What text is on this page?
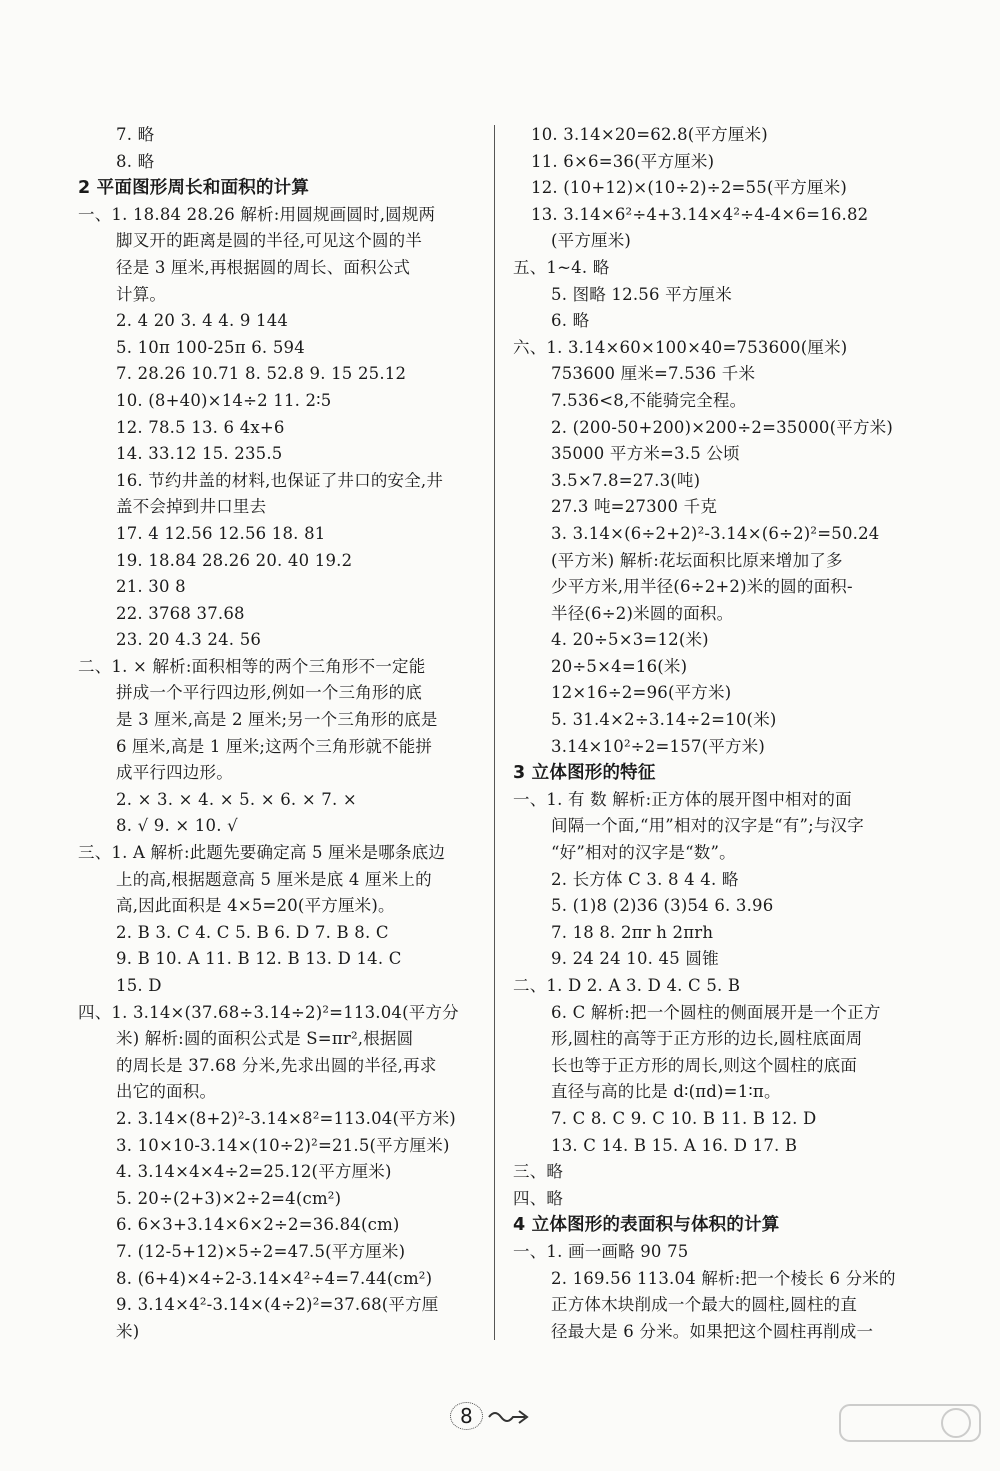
7. 略
8. 略
2 平面图形周长和面积的计算
一、1. 18.84 28.26 解析:用圆规画圆时,圆规两
脚叉开的距离是圆的半径,可见这个圆的半
径是 3 厘米,再根据圆的周长、面积公式
计算。
2. 4 20 3. 4 4. 9 144
5. 10π 100-25π 6. 594
7. 28.26 10.71 8. 52.8 9. 15 25.12
10. (8+40)×14÷2 11. 2∶5
12. 78.5 13. 6 4x+6
14. 33.12 15. 235.5
16. 节约井盖的材料,也保证了井口的安全,井
盖不会掉到井口里去
17. 4 12.56 12.56 18. 81
19. 18.84 28.26 20. 40 19.2
21. 30 8
22. 3768 37.68
23. 20 4.3 24. 56
二、1. × 解析:面积相等的两个三角形不一定能
拼成一个平行四边形,例如一个三角形的底
是 3 厘米,高是 2 厘米;另一个三角形的底是
6 厘米,高是 1 厘米;这两个三角形就不能拼
成平行四边形。
2. × 3. × 4. × 5. × 6. × 7. ×
8. √ 9. × 10. √
三、1. A 解析:此题先要确定高 5 厘米是哪条底边
上的高,根据题意高 5 厘米是底 4 厘米上的
高,因此面积是 4×5=20(平方厘米)。
2. B 3. C 4. C 5. B 6. D 7. B 8. C
9. B 10. A 11. B 12. B 13. D 14. C
15. D
四、1. 3.14×(37.68÷3.14÷2)²=113.04(平方分
米) 解析:圆的面积公式是 S=πr²,根据圆
的周长是 37.68 分米,先求出圆的半径,再求
出它的面积。
2. 3.14×(8+2)²-3.14×8²=113.04(平方米)
3. 10×10-3.14×(10÷2)²=21.5(平方厘米)
4. 3.14×4×4÷2=25.12(平方厘米)
5. 20÷(2+3)×2÷2=4(cm²)
6. 6×3+3.14×6×2÷2=36.84(cm)
7. (12-5+12)×5÷2=47.5(平方厘米)
8. (6+4)×4÷2-3.14×4²÷4=7.44(cm²)
9. 3.14×4²-3.14×(4÷2)²=37.68(平方厘
米)
10. 3.14×20=62.8(平方厘米)
11. 6×6=36(平方厘米)
12. (10+12)×(10÷2)÷2=55(平方厘米)
13. 3.14×6²÷4+3.14×4²÷4-4×6=16.82
(平方厘米)
五、1~4. 略
5. 图略 12.56 平方厘米
6. 略
六、1. 3.14×60×100×40=753600(厘米)
753600 厘米=7.536 千米
7.536<8,不能骑完全程。
2. (200-50+200)×200÷2=35000(平方米)
35000 平方米=3.5 公顷
3.5×7.8=27.3(吨)
27.3 吨=27300 千克
3. 3.14×(6÷2+2)²-3.14×(6÷2)²=50.24
(平方米) 解析:花坛面积比原来增加了多
少平方米,用半径(6÷2+2)米的圆的面积-
半径(6÷2)米圆的面积。
4. 20÷5×3=12(米)
20÷5×4=16(米)
12×16÷2=96(平方米)
5. 31.4×2÷3.14÷2=10(米)
3.14×10²÷2=157(平方米)
3 立体图形的特征
一、1. 有 数 解析:正方体的展开图中相对的面
间隔一个面,“用”相对的汉字是“有”;与汉字
“好”相对的汉字是“数”。
2. 长方体 C 3. 8 4 4. 略
5. (1)8 (2)36 (3)54 6. 3.96
7. 18 8. 2πr h 2πrh
9. 24 24 10. 45 圆锥
二、1. D 2. A 3. D 4. C 5. B
6. C 解析:把一个圆柱的侧面展开是一个正方
形,圆柱的高等于正方形的边长,圆柱底面周
长也等于正方形的周长,则这个圆柱的底面
直径与高的比是 d∶(πd)=1∶π。
7. C 8. C 9. C 10. B 11. B 12. D
13. C 14. B 15. A 16. D 17. B
三、略
四、略
4 立体图形的表面积与体积的计算
一、1. 画一画略 90 75
2. 169.56 113.04 解析:把一个棱长 6 分米的
正方体木块削成一个最大的圆柱,圆柱的直
径最大是 6 分米。如果把这个圆柱再削成一
8
